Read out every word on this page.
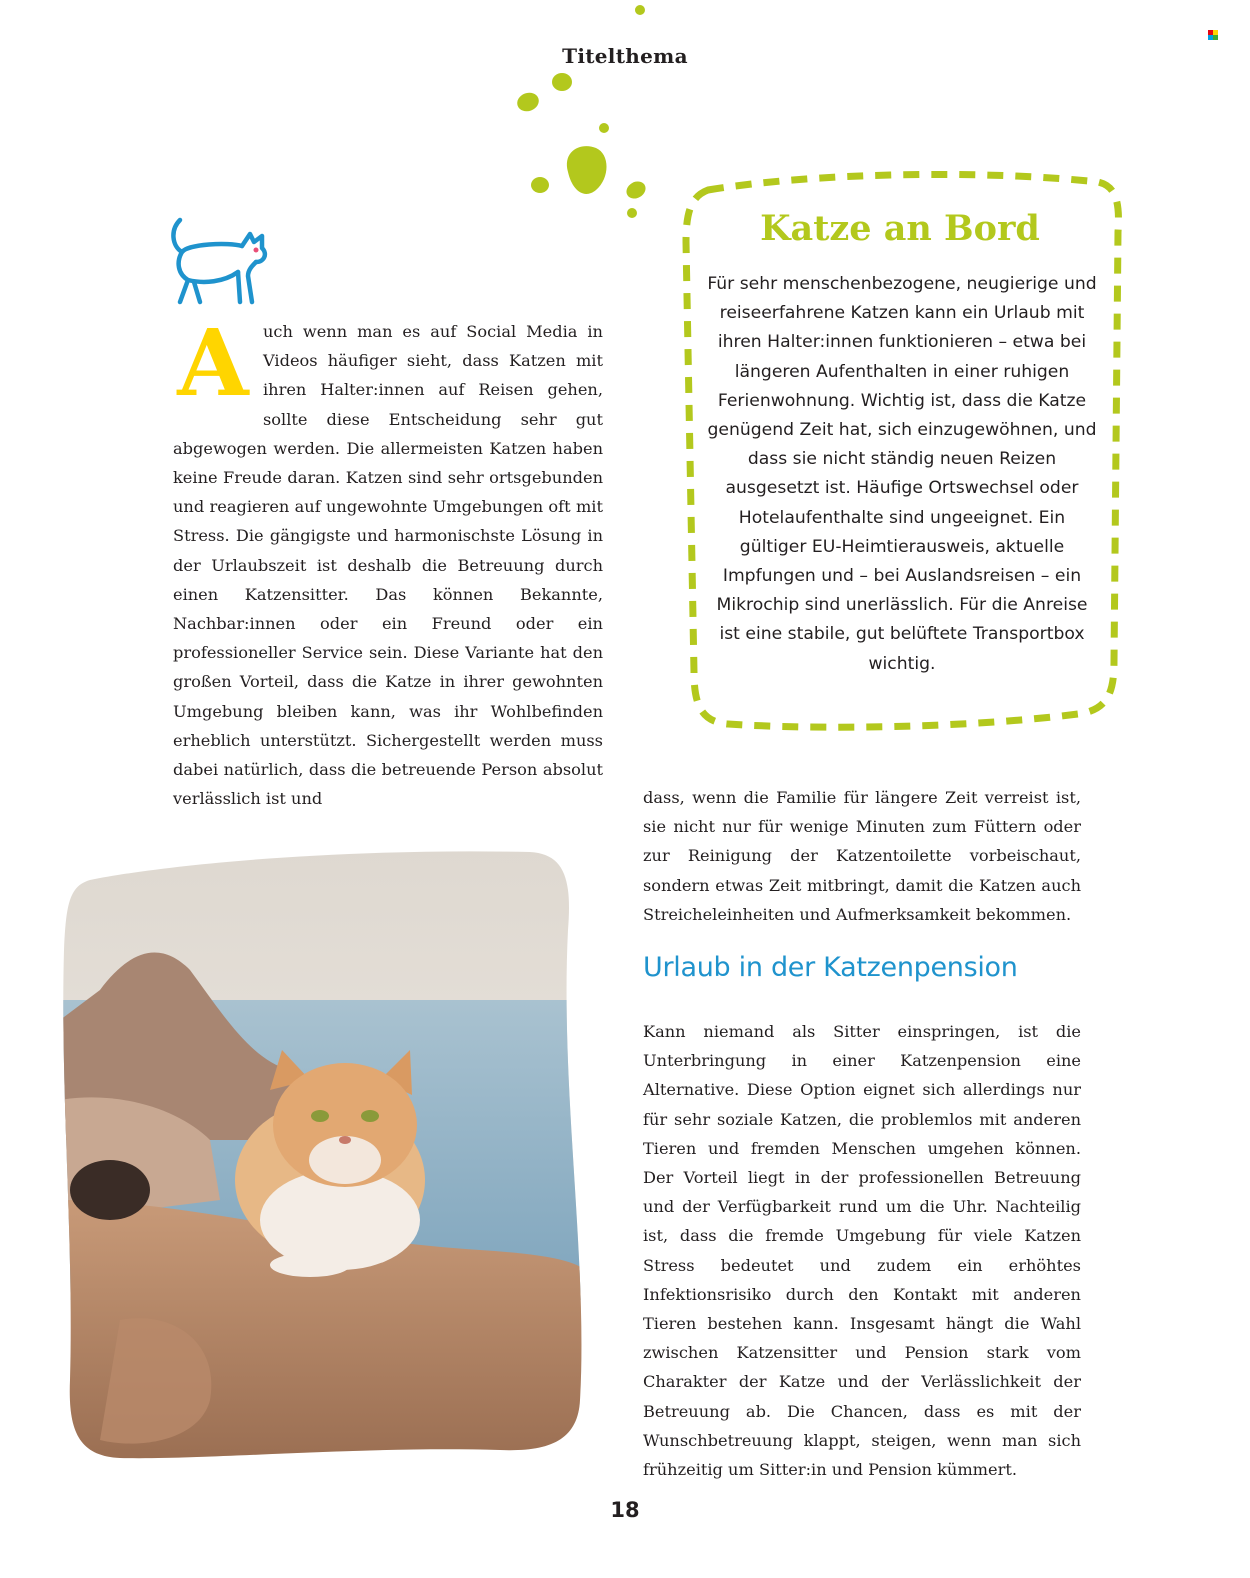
Titelthema
A uch wenn man es auf Social Media in Videos häufiger sieht, dass Katzen mit ihren Halter:innen auf Reisen gehen, sollte diese Entscheidung sehr gut abgewogen werden. Die allermeisten Katzen haben keine Freude daran. Katzen sind sehr ortsgebunden und reagieren auf ungewohnte Umgebungen oft mit Stress. Die gängigste und harmonischste Lösung in der Urlaubszeit ist deshalb die Betreuung durch einen Katzensitter. Das können Bekannte, Nachbar:innen oder ein Freund oder ein professioneller Service sein. Diese Variante hat den großen Vorteil, dass die Katze in ihrer gewohnten Umgebung bleiben kann, was ihr Wohlbefinden erheblich unterstützt. Sichergestellt werden muss dabei natürlich, dass die betreuende Person absolut verlässlich ist und

Katze an Bord

Für sehr menschenbezogene, neugierige und reiseerfahrene Katzen kann ein Urlaub mit ihren Halter:innen funktionieren – etwa bei längeren Aufenthalten in einer ruhigen Ferienwohnung. Wichtig ist, dass die Katze genügend Zeit hat, sich einzugewöhnen, und dass sie nicht ständig neuen Reizen ausgesetzt ist. Häufige Ortswechsel oder Hotelaufenthalte sind ungeeignet. Ein gültiger EU-Heimtierausweis, aktuelle Impfungen und – bei Auslandsreisen – ein Mikrochip sind unerlässlich. Für die Anreise ist eine stabile, gut belüftete Transportbox wichtig.

dass, wenn die Familie für längere Zeit verreist ist, sie nicht nur für wenige Minuten zum Füttern oder zur Reinigung der Katzentoilette vorbeischaut, sondern etwas Zeit mitbringt, damit die Katzen auch Streicheleinheiten und Aufmerksamkeit bekommen.

Urlaub in der Katzenpension

Kann niemand als Sitter einspringen, ist die Unterbringung in einer Katzenpension eine Alternative. Diese Option eignet sich allerdings nur für sehr soziale Katzen, die problemlos mit anderen Tieren und fremden Menschen umgehen können. Der Vorteil liegt in der professionellen Betreuung und der Verfügbarkeit rund um die Uhr. Nachteilig ist, dass die fremde Umgebung für viele Katzen Stress bedeutet und zudem ein erhöhtes Infektionsrisiko durch den Kontakt mit anderen Tieren bestehen kann. Insgesamt hängt die Wahl zwischen Katzensitter und Pension stark vom Charakter der Katze und der Verlässlichkeit der Betreuung ab. Die Chancen, dass es mit der Wunschbetreuung klappt, steigen, wenn man sich frühzeitig um Sitter:in und Pension kümmert.

18
